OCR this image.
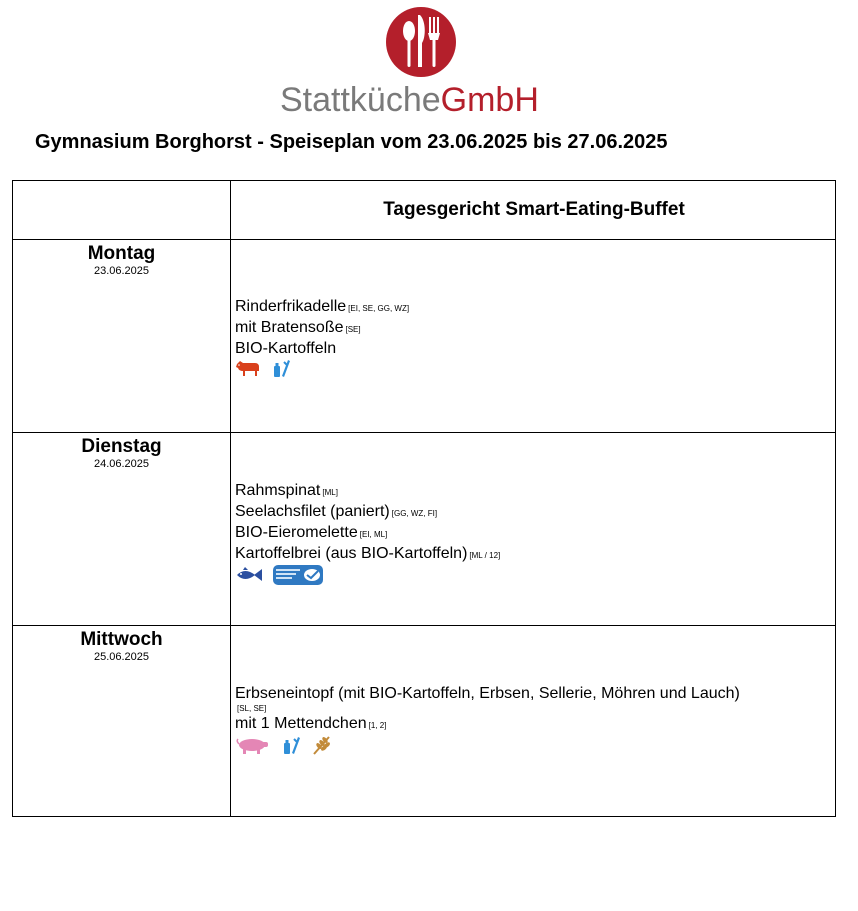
StattkücheGmbH
Gymnasium Borghorst - Speiseplan vom 23.06.2025 bis 27.06.2025
Tagesgericht Smart-Eating-Buffet
Montag
23.06.2025
Rinderfrikadelle [EI, SE, GG, WZ]
mit Bratensoße [SE]
BIO-Kartoffeln
Dienstag
24.06.2025
Rahmspinat [ML]
Seelachsfilet (paniert) [GG, WZ, FI]
BIO-Eieromelette [EI, ML]
Kartoffelbrei (aus BIO-Kartoffeln) [ML / 12]
Mittwoch
25.06.2025
Erbseneintopf (mit BIO-Kartoffeln, Erbsen, Sellerie, Möhren und Lauch)
[SL, SE]
mit 1 Mettendchen [1, 2]
